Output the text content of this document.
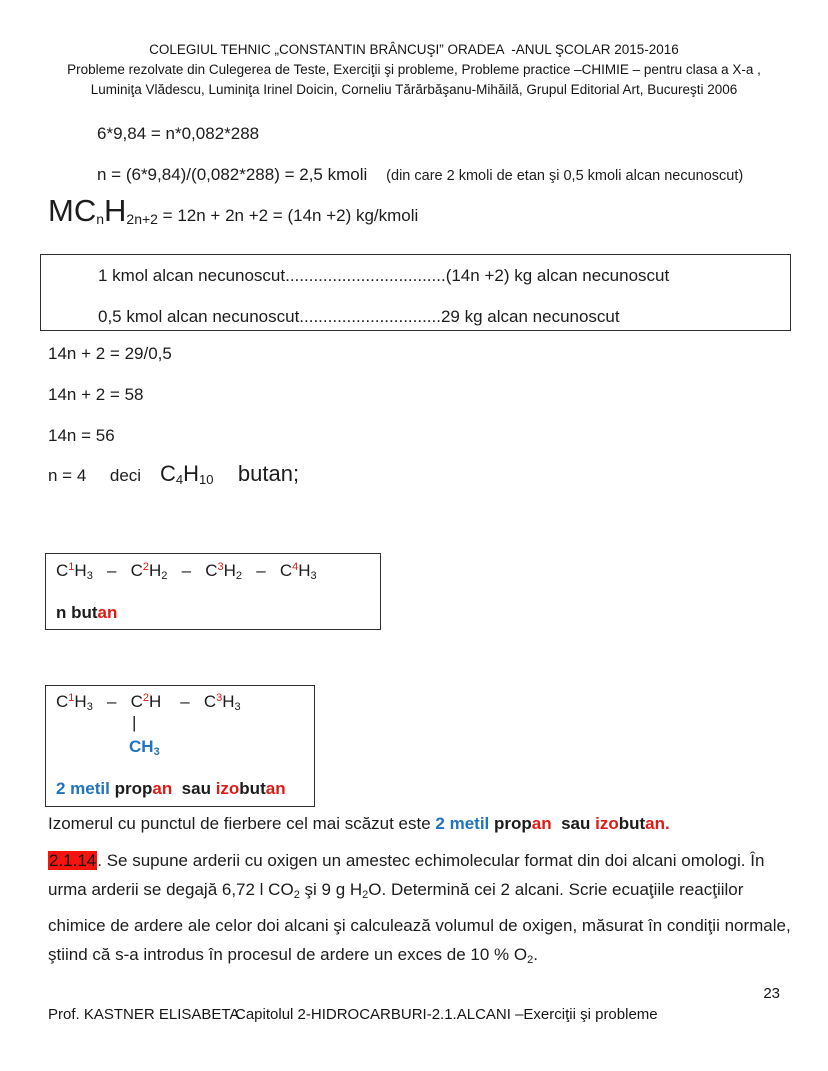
COLEGIUL TEHNIC „CONSTANTIN BRÂNCUŞI” ORADEA  -ANUL ŞCOLAR 2015-2016
Probleme rezolvate din Culegerea de Teste, Exerciţii şi probleme, Probleme practice –CHIMIE – pentru clasa a X-a ,
Luminiţa Vlădescu, Luminiţa Irinel Doicin, Corneliu Tărărbăşanu-Mihăilă, Grupul Editorial Art, Bucureşti 2006
6*9,84 = n*0,082*288
n = (6*9,84)/(0,082*288) = 2,5 kmoli    (din care 2 kmoli de etan şi 0,5 kmoli alcan necunoscut)
$MC_nH_{2n+2} = 12n + 2n +2 = (14n +2)$ kg/kmoli
1 kmol alcan necunoscut..................................(14n +2) kg alcan necunoscut
0,5 kmol alcan necunoscut..............................29 kg alcan necunoscut
14n + 2 = 29/0,5
14n + 2 = 58
14n = 56
n = 4     deci    $C_4H_{10}$    butan;
$C^1H_3 - C^2H_2 - C^3H_2 - C^4H_3$
n butan
$C^1H_3 - C^2H$    –   $C^3H_3$
|
$CH_3$
2 metil propan  sau izobutan
Izomerul cu punctul de fierbere cel mai scăzut este 2 metil propan  sau izobutan.
2.1.14. Se supune arderii cu oxigen un amestec echimolecular format din doi alcani omologi. În urma arderii se degajă 6,72 l $CO_2$ şi 9 g $H_2O$. Determină cei 2 alcani. Scrie ecuaţiile reacţiilor chimice de ardere ale celor doi alcani şi calculează volumul de oxigen, măsurat în condiţii normale, ştiind că s-a introdus în procesul de ardere un exces de 10 % $O_2$.
23
Prof. KASTNER ELISABETA
Capitolul 2-HIDROCARBURI-2.1.ALCANI –Exerciţii şi probleme
